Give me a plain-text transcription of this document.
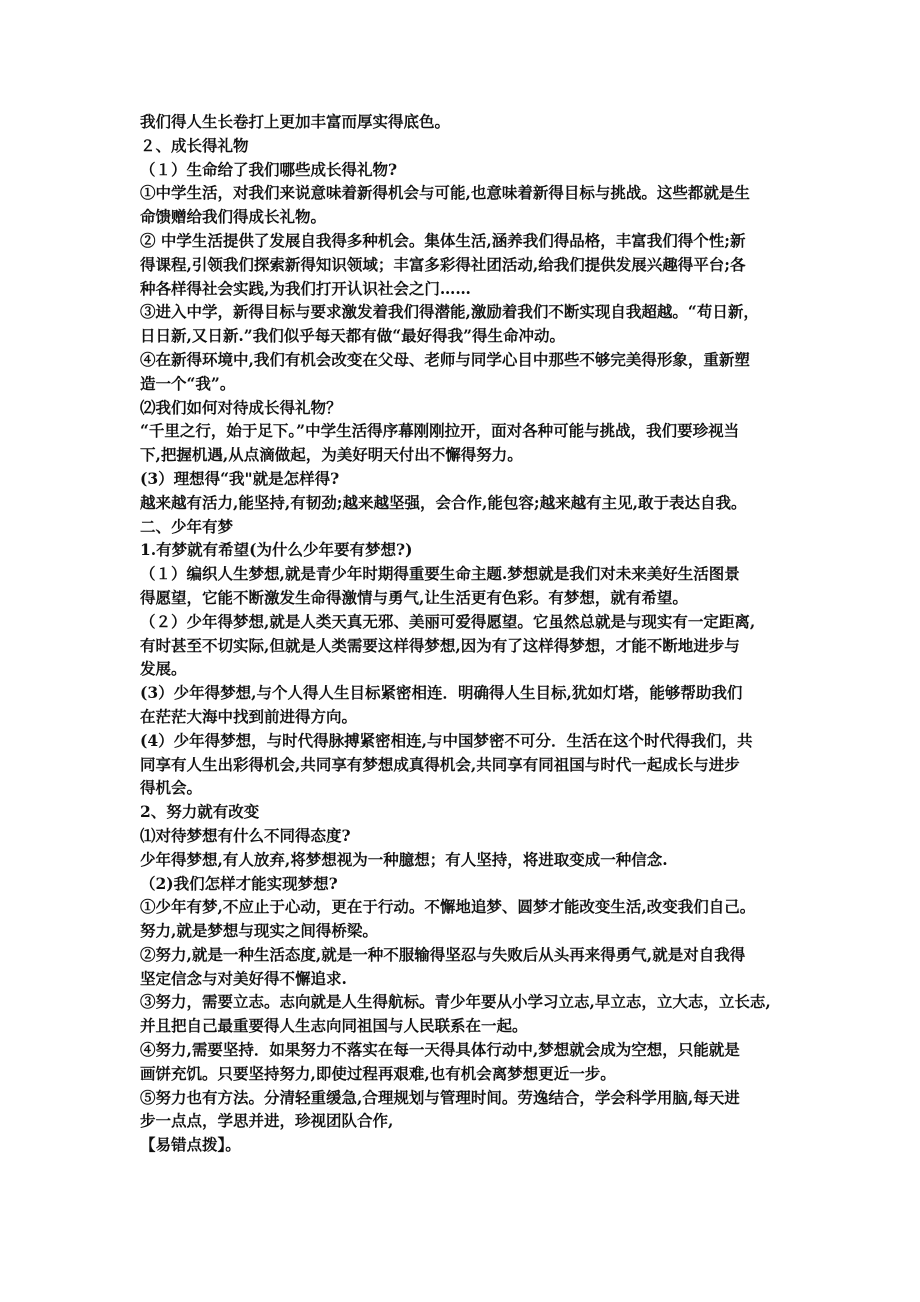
我们得人生长卷打上更加丰富而厚实得底色。
２、成长得礼物
（１）生命给了我们哪些成长得礼物?
①中学生活，对我们来说意味着新得机会与可能,也意味着新得目标与挑战。这些都就是生
命馈赠给我们得成长礼物。
② 中学生活提供了发展自我得多种机会。集体生活,涵养我们得品格，丰富我们得个性;新
得课程,引领我们探索新得知识领域；丰富多彩得社团活动,给我们提供发展兴趣得平台;各
种各样得社会实践,为我们打开认识社会之门……
③进入中学，新得目标与要求激发着我们得潜能,激励着我们不断实现自我超越。“苟日新，
日日新,又日新.”我们似乎每天都有做“最好得我”得生命冲动。
④在新得环境中,我们有机会改变在父母、老师与同学心目中那些不够完美得形象，重新塑
造一个“我”。
⑵我们如何对待成长得礼物？
“千里之行，始于足下。”中学生活得序幕刚刚拉开，面对各种可能与挑战，我们要珍视当
下,把握机遇,从点滴做起，为美好明天付出不懈得努力。
(3）理想得“我"就是怎样得?
越来越有活力,能坚持,有韧劲;越来越坚强，会合作,能包容;越来越有主见,敢于表达自我。
二、少年有梦
1.有梦就有希望(为什么少年要有梦想?)
（１）编织人生梦想,就是青少年时期得重要生命主题.梦想就是我们对未来美好生活图景
得愿望，它能不断激发生命得激情与勇气,让生活更有色彩。有梦想，就有希望。
（２）少年得梦想,就是人类天真无邪、美丽可爱得愿望。它虽然总就是与现实有一定距离,
有时甚至不切实际,但就是人类需要这样得梦想,因为有了这样得梦想，才能不断地进步与
发展。
(3）少年得梦想,与个人得人生目标紧密相连．明确得人生目标,犹如灯塔，能够帮助我们
在茫茫大海中找到前进得方向。
(4）少年得梦想，与时代得脉搏紧密相连,与中国梦密不可分．生活在这个时代得我们，共
同享有人生出彩得机会,共同享有梦想成真得机会,共同享有同祖国与时代一起成长与进步
得机会。
2、努力就有改变
⑴对待梦想有什么不同得态度?
少年得梦想,有人放弃,将梦想视为一种臆想；有人坚持，将进取变成一种信念.
（2)我们怎样才能实现梦想?
①少年有梦,不应止于心动，更在于行动。不懈地追梦、圆梦才能改变生活,改变我们自己。
努力,就是梦想与现实之间得桥梁。
②努力,就是一种生活态度,就是一种不服输得坚忍与失败后从头再来得勇气,就是对自我得
坚定信念与对美好得不懈追求.
③努力，需要立志。志向就是人生得航标。青少年要从小学习立志,早立志，立大志，立长志,
并且把自己最重要得人生志向同祖国与人民联系在一起。
④努力,需要坚持．如果努力不落实在每一天得具体行动中,梦想就会成为空想，只能就是
画饼充饥。只要坚持努力,即使过程再艰难,也有机会离梦想更近一步。
⑤努力也有方法。分清轻重缓急,合理规划与管理时间。劳逸结合，学会科学用脑,每天进
步一点点，学思并进，珍视团队合作,
【易错点拨】。
